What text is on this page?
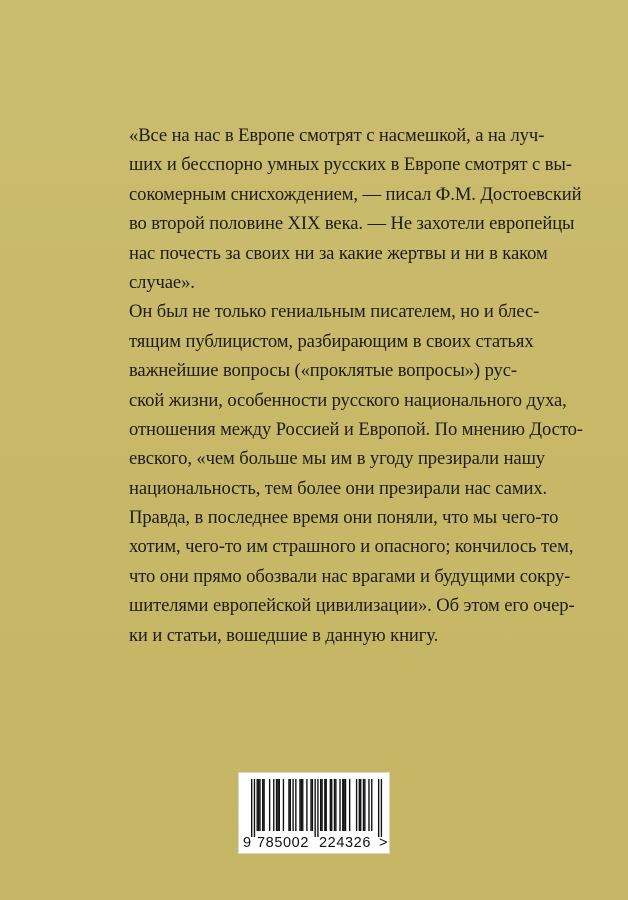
«Все на нас в Европе смотрят с насмешкой, а на луч-
ших и бесспорно умных русских в Европе смотрят с вы-
сокомерным снисхождением, — писал Ф.М. Достоевский
во второй половине XIX века. — Не захотели европейцы
нас почесть за своих ни за какие жертвы и ни в каком
случае».
Он был не только гениальным писателем, но и блес-
тящим публицистом, разбирающим в своих статьях
важнейшие вопросы («проклятые вопросы») рус-
ской жизни, особенности русского национального духа,
отношения между Россией и Европой. По мнению Досто-
евского, «чем больше мы им в угоду презирали нашу
национальность, тем более они презирали нас самих.
Правда, в последнее время они поняли, что мы чего-то
хотим, чего-то им страшного и опасного; кончилось тем,
что они прямо обозвали нас врагами и будущими сокру-
шителями европейской цивилизации». Об этом его очер-
ки и статьи, вошедшие в данную книгу.
9 785002 224326 >
